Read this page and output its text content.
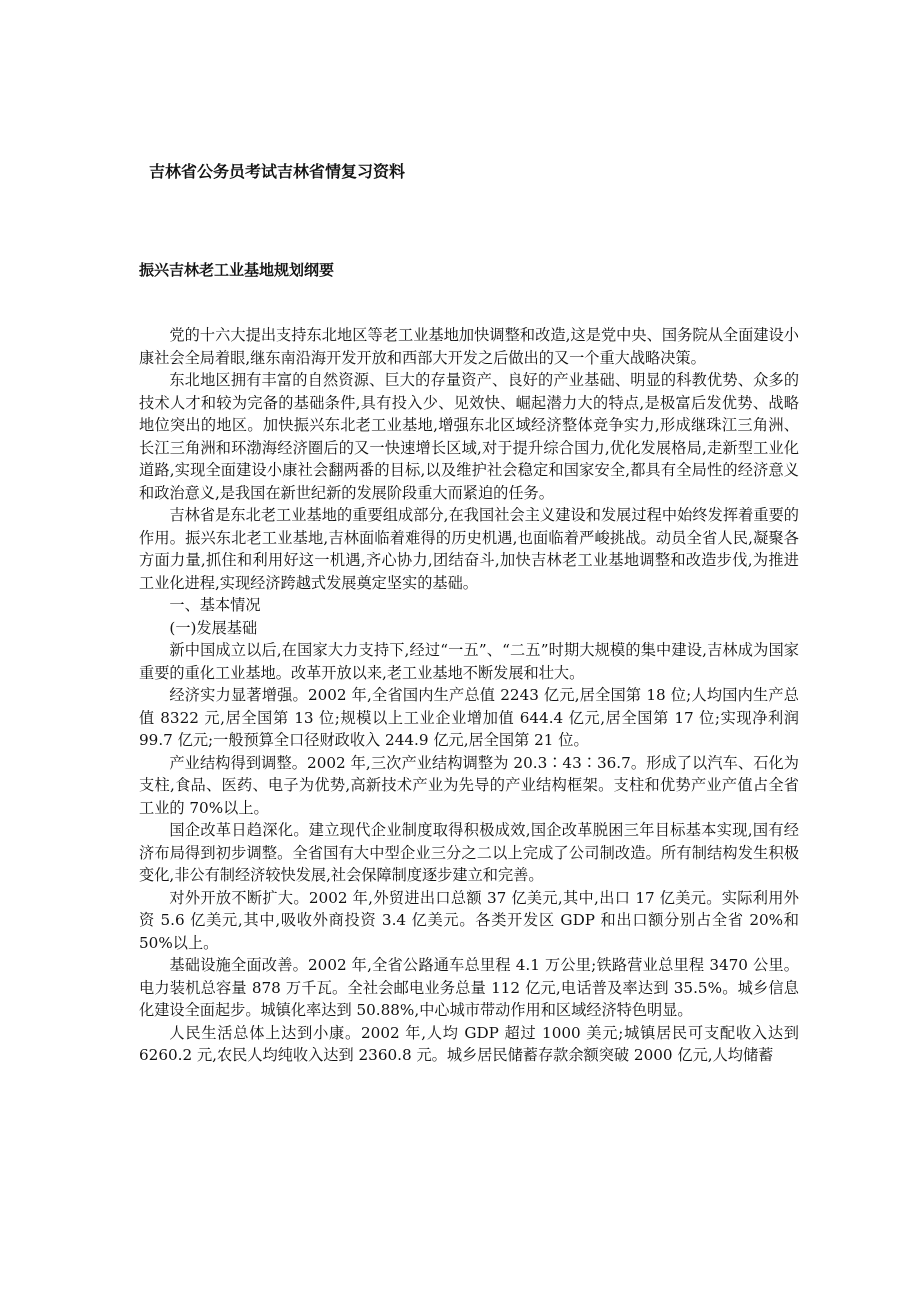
吉林省公务员考试吉林省情复习资料
振兴吉林老工业基地规划纲要

党的十六大提出支持东北地区等老工业基地加快调整和改造,这是党中央、国务院从全面建设小康社会全局着眼,继东南沿海开发开放和西部大开发之后做出的又一个重大战略决策。

东北地区拥有丰富的自然资源、巨大的存量资产、良好的产业基础、明显的科教优势、众多的技术人才和较为完备的基础条件,具有投入少、见效快、崛起潜力大的特点,是极富后发优势、战略地位突出的地区。加快振兴东北老工业基地,增强东北区域经济整体竞争实力,形成继珠江三角洲、长江三角洲和环渤海经济圈后的又一快速增长区域,对于提升综合国力,优化发展格局,走新型工业化道路,实现全面建设小康社会翻两番的目标,以及维护社会稳定和国家安全,都具有全局性的经济意义和政治意义,是我国在新世纪新的发展阶段重大而紧迫的任务。

吉林省是东北老工业基地的重要组成部分,在我国社会主义建设和发展过程中始终发挥着重要的作用。振兴东北老工业基地,吉林面临着难得的历史机遇,也面临着严峻挑战。动员全省人民,凝聚各方面力量,抓住和利用好这一机遇,齐心协力,团结奋斗,加快吉林老工业基地调整和改造步伐,为推进工业化进程,实现经济跨越式发展奠定坚实的基础。

一、基本情况

(一)发展基础

新中国成立以后,在国家大力支持下,经过“一五”、“二五”时期大规模的集中建设,吉林成为国家重要的重化工业基地。改革开放以来,老工业基地不断发展和壮大。

经济实力显著增强。2002 年,全省国内生产总值 2243 亿元,居全国第 18 位;人均国内生产总值 8322 元,居全国第 13 位;规模以上工业企业增加值 644.4 亿元,居全国第 17 位;实现净利润 99.7 亿元;一般预算全口径财政收入 244.9 亿元,居全国第 21 位。

产业结构得到调整。2002 年,三次产业结构调整为 20.3∶43∶36.7。形成了以汽车、石化为支柱,食品、医药、电子为优势,高新技术产业为先导的产业结构框架。支柱和优势产业产值占全省工业的 70%以上。

国企改革日趋深化。建立现代企业制度取得积极成效,国企改革脱困三年目标基本实现,国有经济布局得到初步调整。全省国有大中型企业三分之二以上完成了公司制改造。所有制结构发生积极变化,非公有制经济较快发展,社会保障制度逐步建立和完善。

对外开放不断扩大。2002 年,外贸进出口总额 37 亿美元,其中,出口 17 亿美元。实际利用外资 5.6 亿美元,其中,吸收外商投资 3.4 亿美元。各类开发区 GDP 和出口额分别占全省 20%和 50%以上。

基础设施全面改善。2002 年,全省公路通车总里程 4.1 万公里;铁路营业总里程 3470 公里。电力装机总容量 878 万千瓦。全社会邮电业务总量 112 亿元,电话普及率达到 35.5%。城乡信息化建设全面起步。城镇化率达到 50.88%,中心城市带动作用和区域经济特色明显。

人民生活总体上达到小康。2002 年,人均 GDP 超过 1000 美元;城镇居民可支配收入达到 6260.2 元,农民人均纯收入达到 2360.8 元。城乡居民储蓄存款余额突破 2000 亿元,人均储蓄
